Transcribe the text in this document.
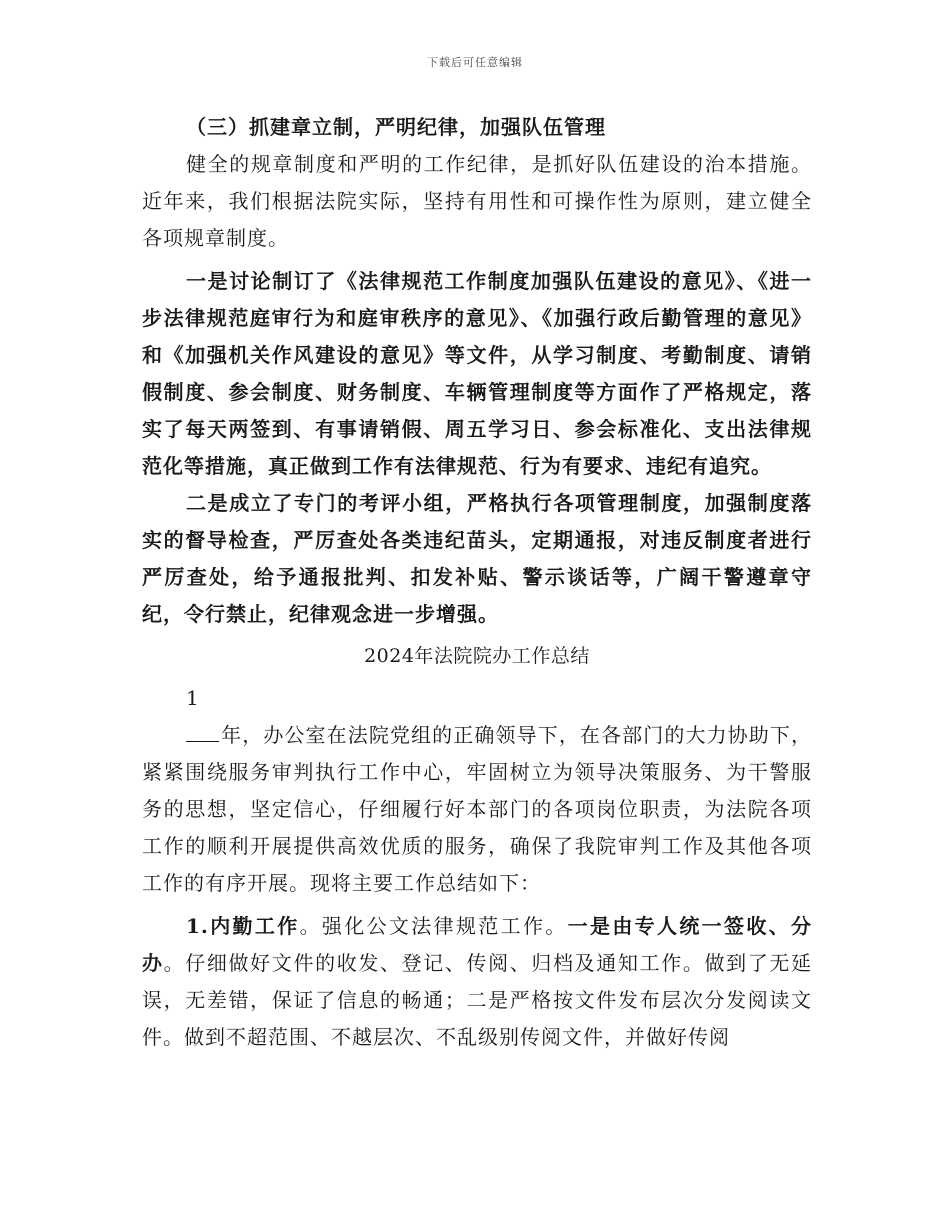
下载后可任意编辑

（三）抓建章立制，严明纪律，加强队伍管理

健全的规章制度和严明的工作纪律，是抓好队伍建设的治本措施。近年来，我们根据法院实际，坚持有用性和可操作性为原则，建立健全各项规章制度。

一是讨论制订了《法律规范工作制度加强队伍建设的意见》、《进一步法律规范庭审行为和庭审秩序的意见》、《加强行政后勤管理的意见》和《加强机关作风建设的意见》等文件，从学习制度、考勤制度、请销假制度、参会制度、财务制度、车辆管理制度等方面作了严格规定，落实了每天两签到、有事请销假、周五学习日、参会标准化、支出法律规范化等措施，真正做到工作有法律规范、行为有要求、违纪有追究。

二是成立了专门的考评小组，严格执行各项管理制度，加强制度落实的督导检查，严厉查处各类违纪苗头，定期通报，对违反制度者进行严厉查处，给予通报批判、扣发补贴、警示谈话等，广阔干警遵章守纪，令行禁止，纪律观念进一步增强。

2024年法院院办工作总结

1

年，办公室在法院党组的正确领导下，在各部门的大力协助下，紧紧围绕服务审判执行工作中心，牢固树立为领导决策服务、为干警服务的思想，坚定信心，仔细履行好本部门的各项岗位职责，为法院各项工作的顺利开展提供高效优质的服务，确保了我院审判工作及其他各项工作的有序开展。现将主要工作总结如下：

1.内勤工作。强化公文法律规范工作。一是由专人统一签收、分办。仔细做好文件的收发、登记、传阅、归档及通知工作。做到了无延误，无差错，保证了信息的畅通；二是严格按文件发布层次分发阅读文件。做到不超范围、不越层次、不乱级别传阅文件，并做好传阅
